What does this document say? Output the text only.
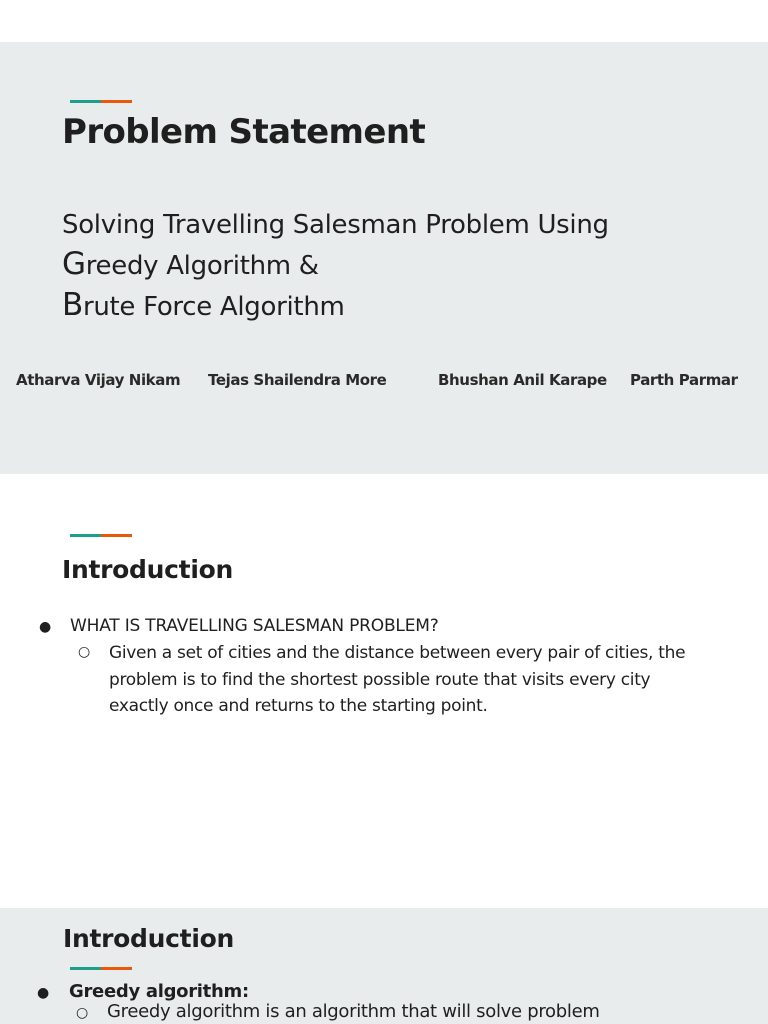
Problem Statement
Solving Travelling Salesman Problem Using
Greedy Algorithm &
Brute Force Algorithm
Atharva Vijay Nikam Tejas Shailendra More	Bhushan Anil Karape Parth Parmar
Introduction
● WHAT IS TRAVELLING SALESMAN PROBLEM?
○ Given a set of cities and the distance between every pair of cities, the problem is to find the shortest possible route that visits every city exactly once and returns to the starting point.

Introduction
● Greedy algorithm:
○ Greedy algorithm is an algorithm that will solve problem
